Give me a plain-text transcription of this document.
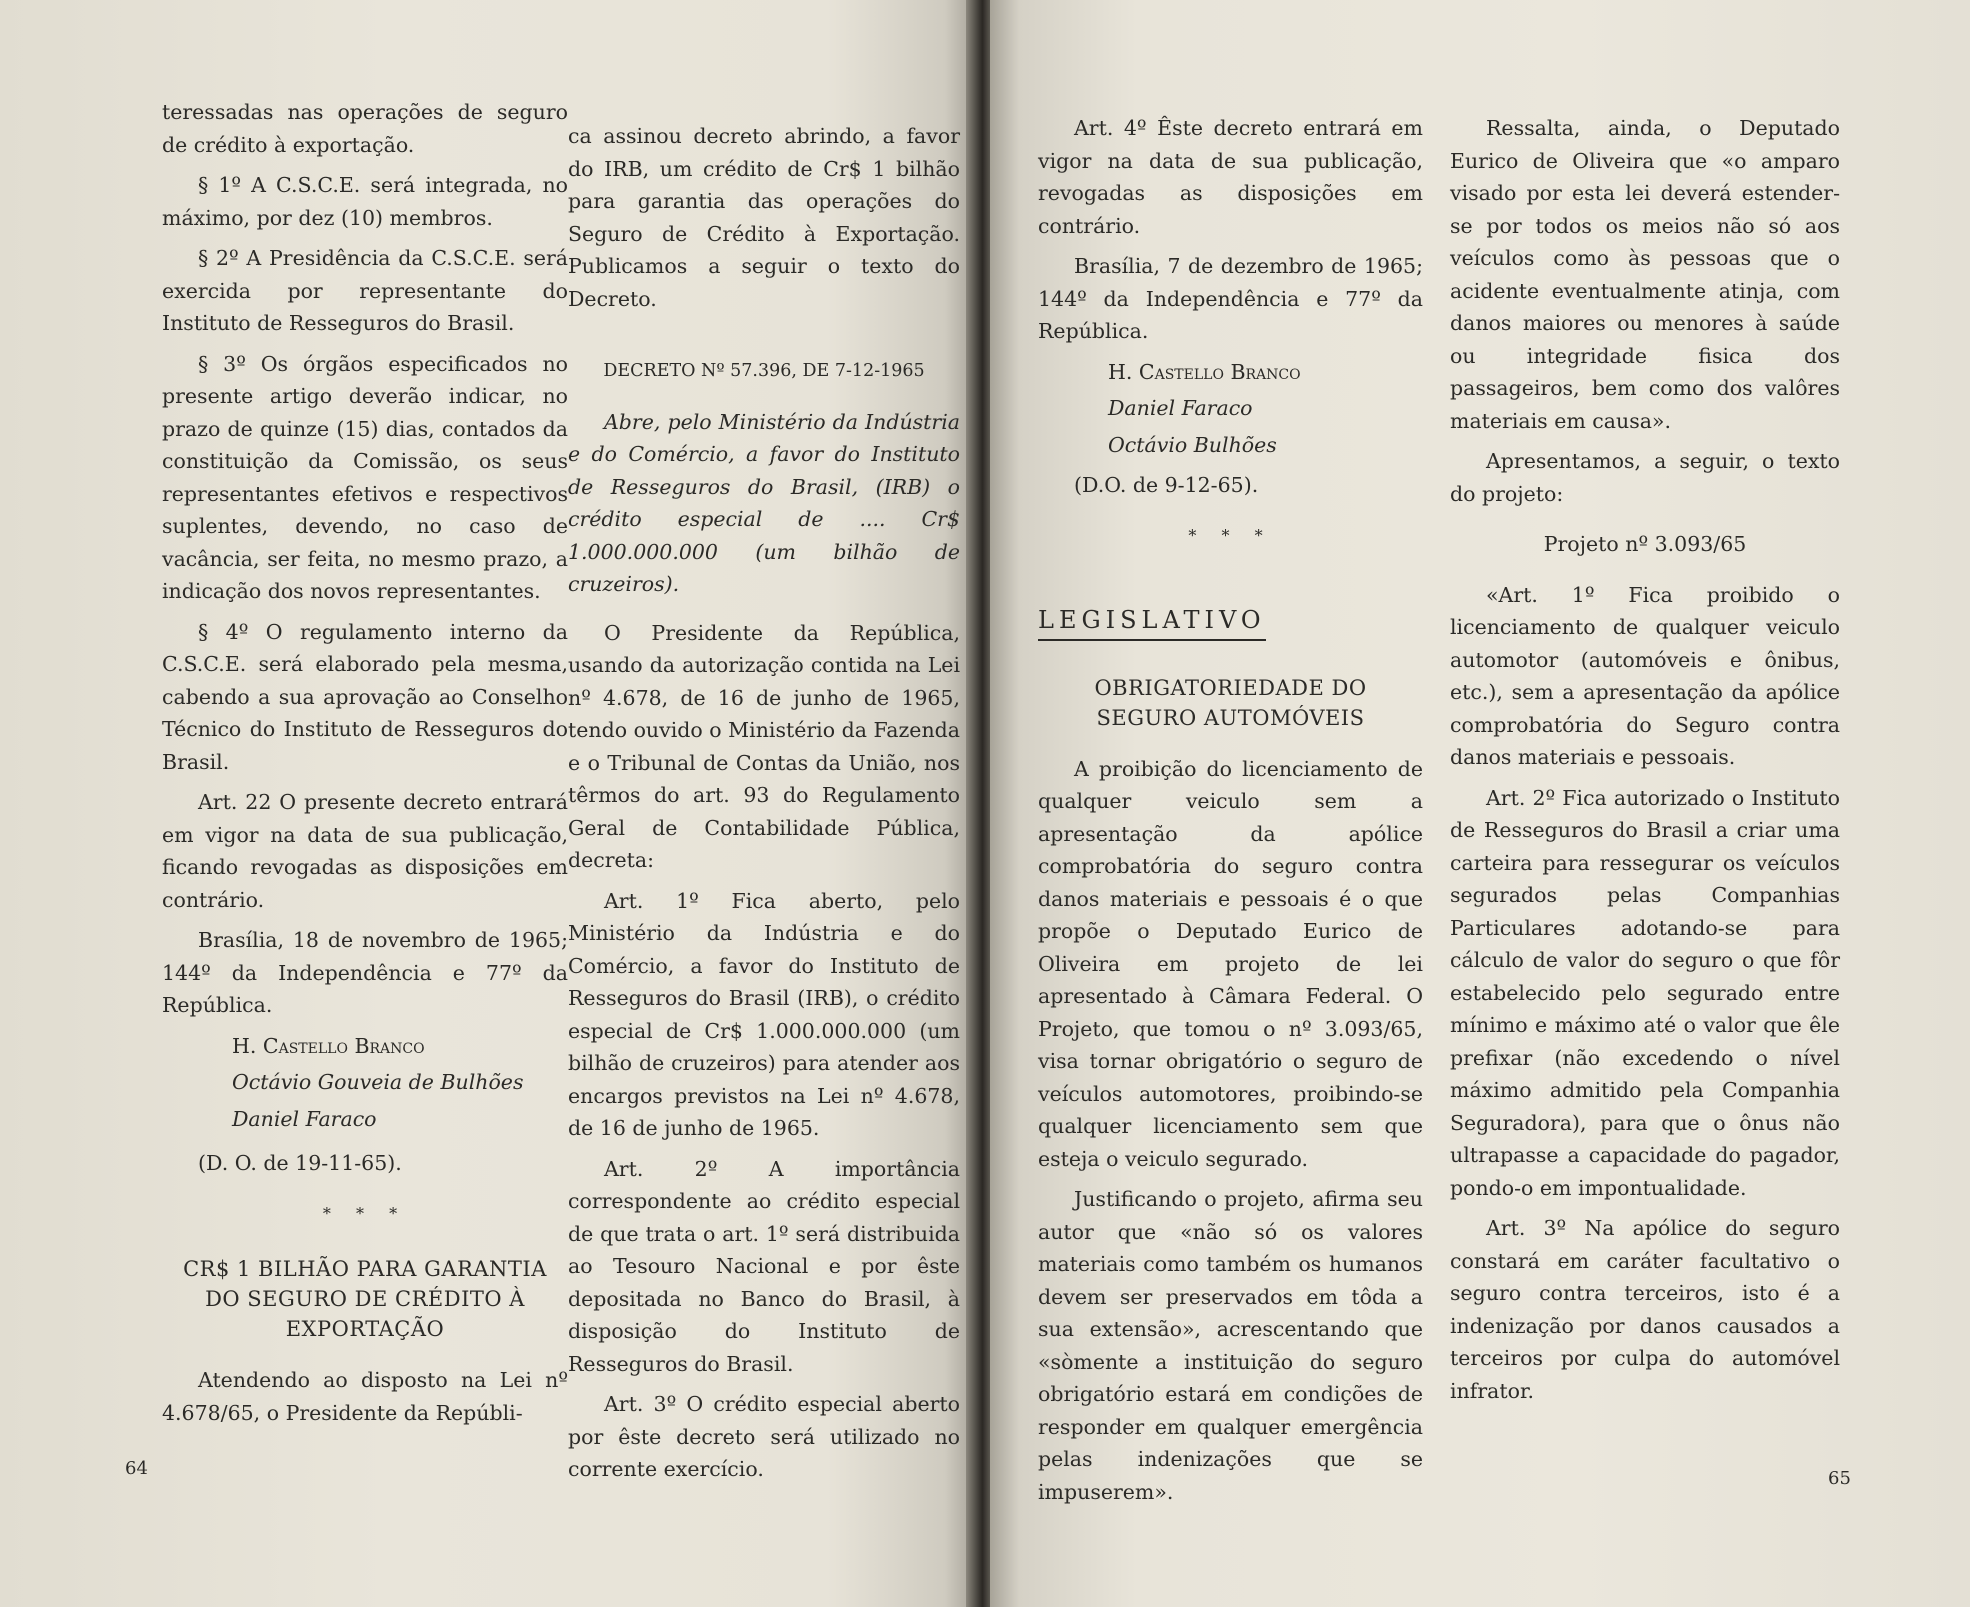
teressadas nas operações de seguro de crédito à exportação.

§ 1º A C.S.C.E. será integrada, no máximo, por dez (10) membros.

§ 2º A Presidência da C.S.C.E. será exercida por representante do Instituto de Resseguros do Brasil.

§ 3º Os órgãos especificados no presente artigo deverão indicar, no prazo de quinze (15) dias, contados da constituição da Comissão, os seus representantes efetivos e respectivos suplentes, devendo, no caso de vacância, ser feita, no mesmo prazo, a indicação dos novos representantes.

§ 4º O regulamento interno da C.S.C.E. será elaborado pela mesma, cabendo a sua aprovação ao Conselho Técnico do Instituto de Resseguros do Brasil.

Art. 22 O presente decreto entrará em vigor na data de sua publicação, ficando revogadas as disposições em contrário.

Brasília, 18 de novembro de 1965; 144º da Independência e 77º da República.

H. Castello Branco
Octávio Gouveia de Bulhões
Daniel Faraco

(D. O. de 19-11-65).

* * *
CR$ 1 BILHÃO PARA GARANTIA DO SEGURO DE CRÉDITO À EXPORTAÇÃO

Atendendo ao disposto na Lei nº 4.678/65, o Presidente da Repúbli-

ca assinou decreto abrindo, a favor do IRB, um crédito de Cr$ 1 bilhão para garantia das operações do Seguro de Crédito à Exportação. Publicamos a seguir o texto do Decreto.

DECRETO Nº 57.396, DE 7-12-1965

Abre, pelo Ministério da Indústria e do Comércio, a favor do Instituto de Resseguros do Brasil, (IRB) o crédito especial de .... Cr$ 1.000.000.000 (um bilhão de cruzeiros).

O Presidente da República, usando da autorização contida na Lei nº 4.678, de 16 de junho de 1965, tendo ouvido o Ministério da Fazenda e o Tribunal de Contas da União, nos têrmos do art. 93 do Regulamento Geral de Contabilidade Pública, decreta:

Art. 1º Fica aberto, pelo Ministério da Indústria e do Comércio, a favor do Instituto de Resseguros do Brasil (IRB), o crédito especial de Cr$ 1.000.000.000 (um bilhão de cruzeiros) para atender aos encargos previstos na Lei nº 4.678, de 16 de junho de 1965.

Art. 2º A importância correspondente ao crédito especial de que trata o art. 1º será distribuida ao Tesouro Nacional e por êste depositada no Banco do Brasil, à disposição do Instituto de Resseguros do Brasil.

Art. 3º O crédito especial aberto por êste decreto será utilizado no corrente exercício.

64

Art. 4º Êste decreto entrará em vigor na data de sua publicação, revogadas as disposições em contrário.

Brasília, 7 de dezembro de 1965; 144º da Independência e 77º da República.

H. Castello Branco
Daniel Faraco
Octávio Bulhões

(D.O. de 9-12-65).

* * *
LEGISLATIVO
OBRIGATORIEDADE DO SEGURO AUTOMÓVEIS

A proibição do licenciamento de qualquer veiculo sem a apresentação da apólice comprobatória do seguro contra danos materiais e pessoais é o que propõe o Deputado Eurico de Oliveira em projeto de lei apresentado à Câmara Federal. O Projeto, que tomou o nº 3.093/65, visa tornar obrigatório o seguro de veículos automotores, proibindo-se qualquer licenciamento sem que esteja o veiculo segurado.

Justificando o projeto, afirma seu autor que «não só os valores materiais como também os humanos devem ser preservados em tôda a sua extensão», acrescentando que «sòmente a instituição do seguro obrigatório estará em condições de responder em qualquer emergência pelas indenizações que se impuserem».

Ressalta, ainda, o Deputado Eurico de Oliveira que «o amparo visado por esta lei deverá estender-se por todos os meios não só aos veículos como às pessoas que o acidente eventualmente atinja, com danos maiores ou menores à saúde ou integridade fisica dos passageiros, bem como dos valôres materiais em causa».

Apresentamos, a seguir, o texto do projeto:

Projeto nº 3.093/65

«Art. 1º Fica proibido o licenciamento de qualquer veiculo automotor (automóveis e ônibus, etc.), sem a apresentação da apólice comprobatória do Seguro contra danos materiais e pessoais.

Art. 2º Fica autorizado o Instituto de Resseguros do Brasil a criar uma carteira para ressegurar os veículos segurados pelas Companhias Particulares adotando-se para cálculo de valor do seguro o que fôr estabelecido pelo segurado entre mínimo e máximo até o valor que êle prefixar (não excedendo o nível máximo admitido pela Companhia Seguradora), para que o ônus não ultrapasse a capacidade do pagador, pondo-o em impontualidade.

Art. 3º Na apólice do seguro constará em caráter facultativo o seguro contra terceiros, isto é a indenização por danos causados a terceiros por culpa do automóvel infrator.

65
